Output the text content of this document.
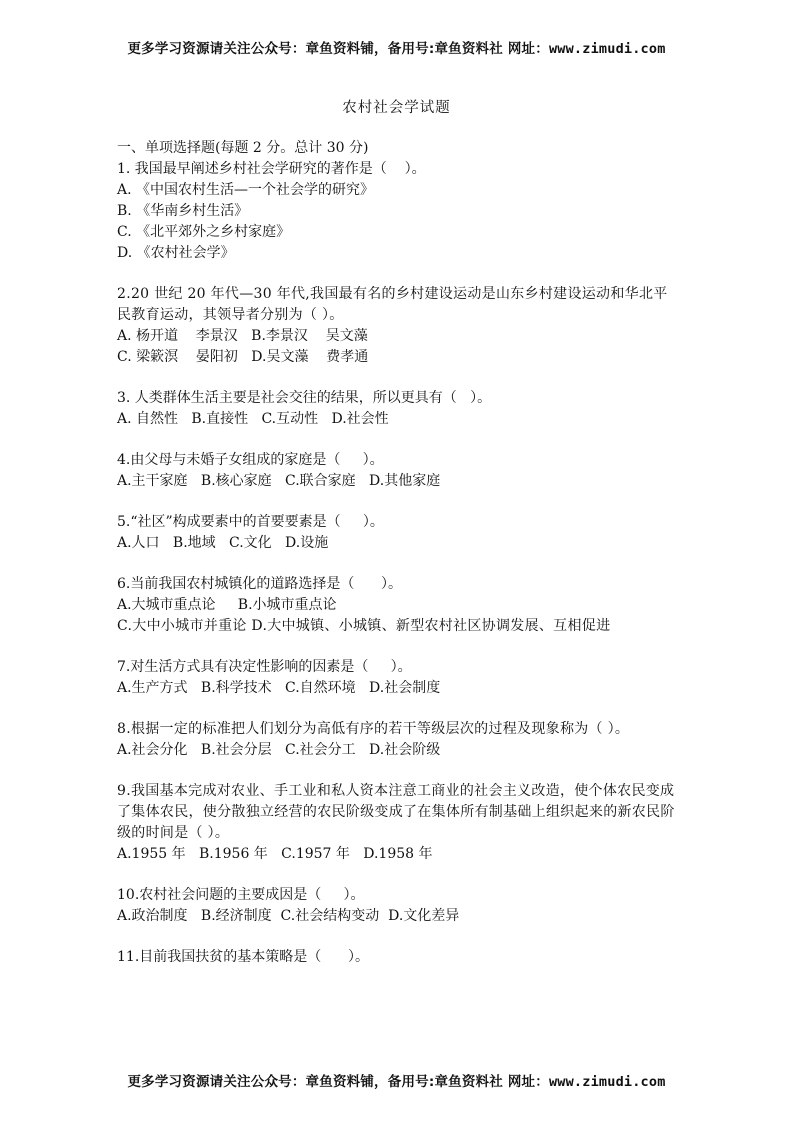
更多学习资源请关注公众号：章鱼资料铺，备用号:章鱼资料社 网址：www.zimudi.com
农村社会学试题
一、单项选择题(每题 2 分。总计 30 分)
1. 我国最早阐述乡村社会学研究的著作是（    ）。
A. 《中国农村生活—一个社会学的研究》
B. 《华南乡村生活》
C. 《北平郊外之乡村家庭》
D. 《农村社会学》
2.20 世纪 20 年代—30 年代,我国最有名的乡村建设运动是山东乡村建设运动和华北平民教育运动，其领导者分别为（ ）。
A. 杨开道    李景汉   B.李景汉    吴文藻
C. 梁簌溟    晏阳初   D.吴文藻    费孝通
3. 人类群体生活主要是社会交往的结果，所以更具有（   ）。
A. 自然性   B.直接性   C.互动性   D.社会性
4.由父母与未婚子女组成的家庭是（     ）。
A.主干家庭   B.核心家庭   C.联合家庭   D.其他家庭
5.“社区”构成要素中的首要要素是（     ）。
A.人口   B.地域   C.文化   D.设施
6.当前我国农村城镇化的道路选择是（      ）。
A.大城市重点论     B.小城市重点论
C.大中小城市并重论 D.大中城镇、小城镇、新型农村社区协调发展、互相促进
7.对生活方式具有决定性影响的因素是（     ）。
A.生产方式   B.科学技术   C.自然环境   D.社会制度
8.根据一定的标准把人们划分为高低有序的若干等级层次的过程及现象称为（ ）。
A.社会分化   B.社会分层   C.社会分工   D.社会阶级
9.我国基本完成对农业、手工业和私人资本注意工商业的社会主义改造，使个体农民变成了集体农民，使分散独立经营的农民阶级变成了在集体所有制基础上组织起来的新农民阶级的时间是（ ）。
A.1955 年   B.1956 年   C.1957 年   D.1958 年
10.农村社会问题的主要成因是（     ）。
A.政治制度   B.经济制度  C.社会结构变动  D.文化差异
11.目前我国扶贫的基本策略是（      ）。
更多学习资源请关注公众号：章鱼资料铺，备用号:章鱼资料社 网址：www.zimudi.com
